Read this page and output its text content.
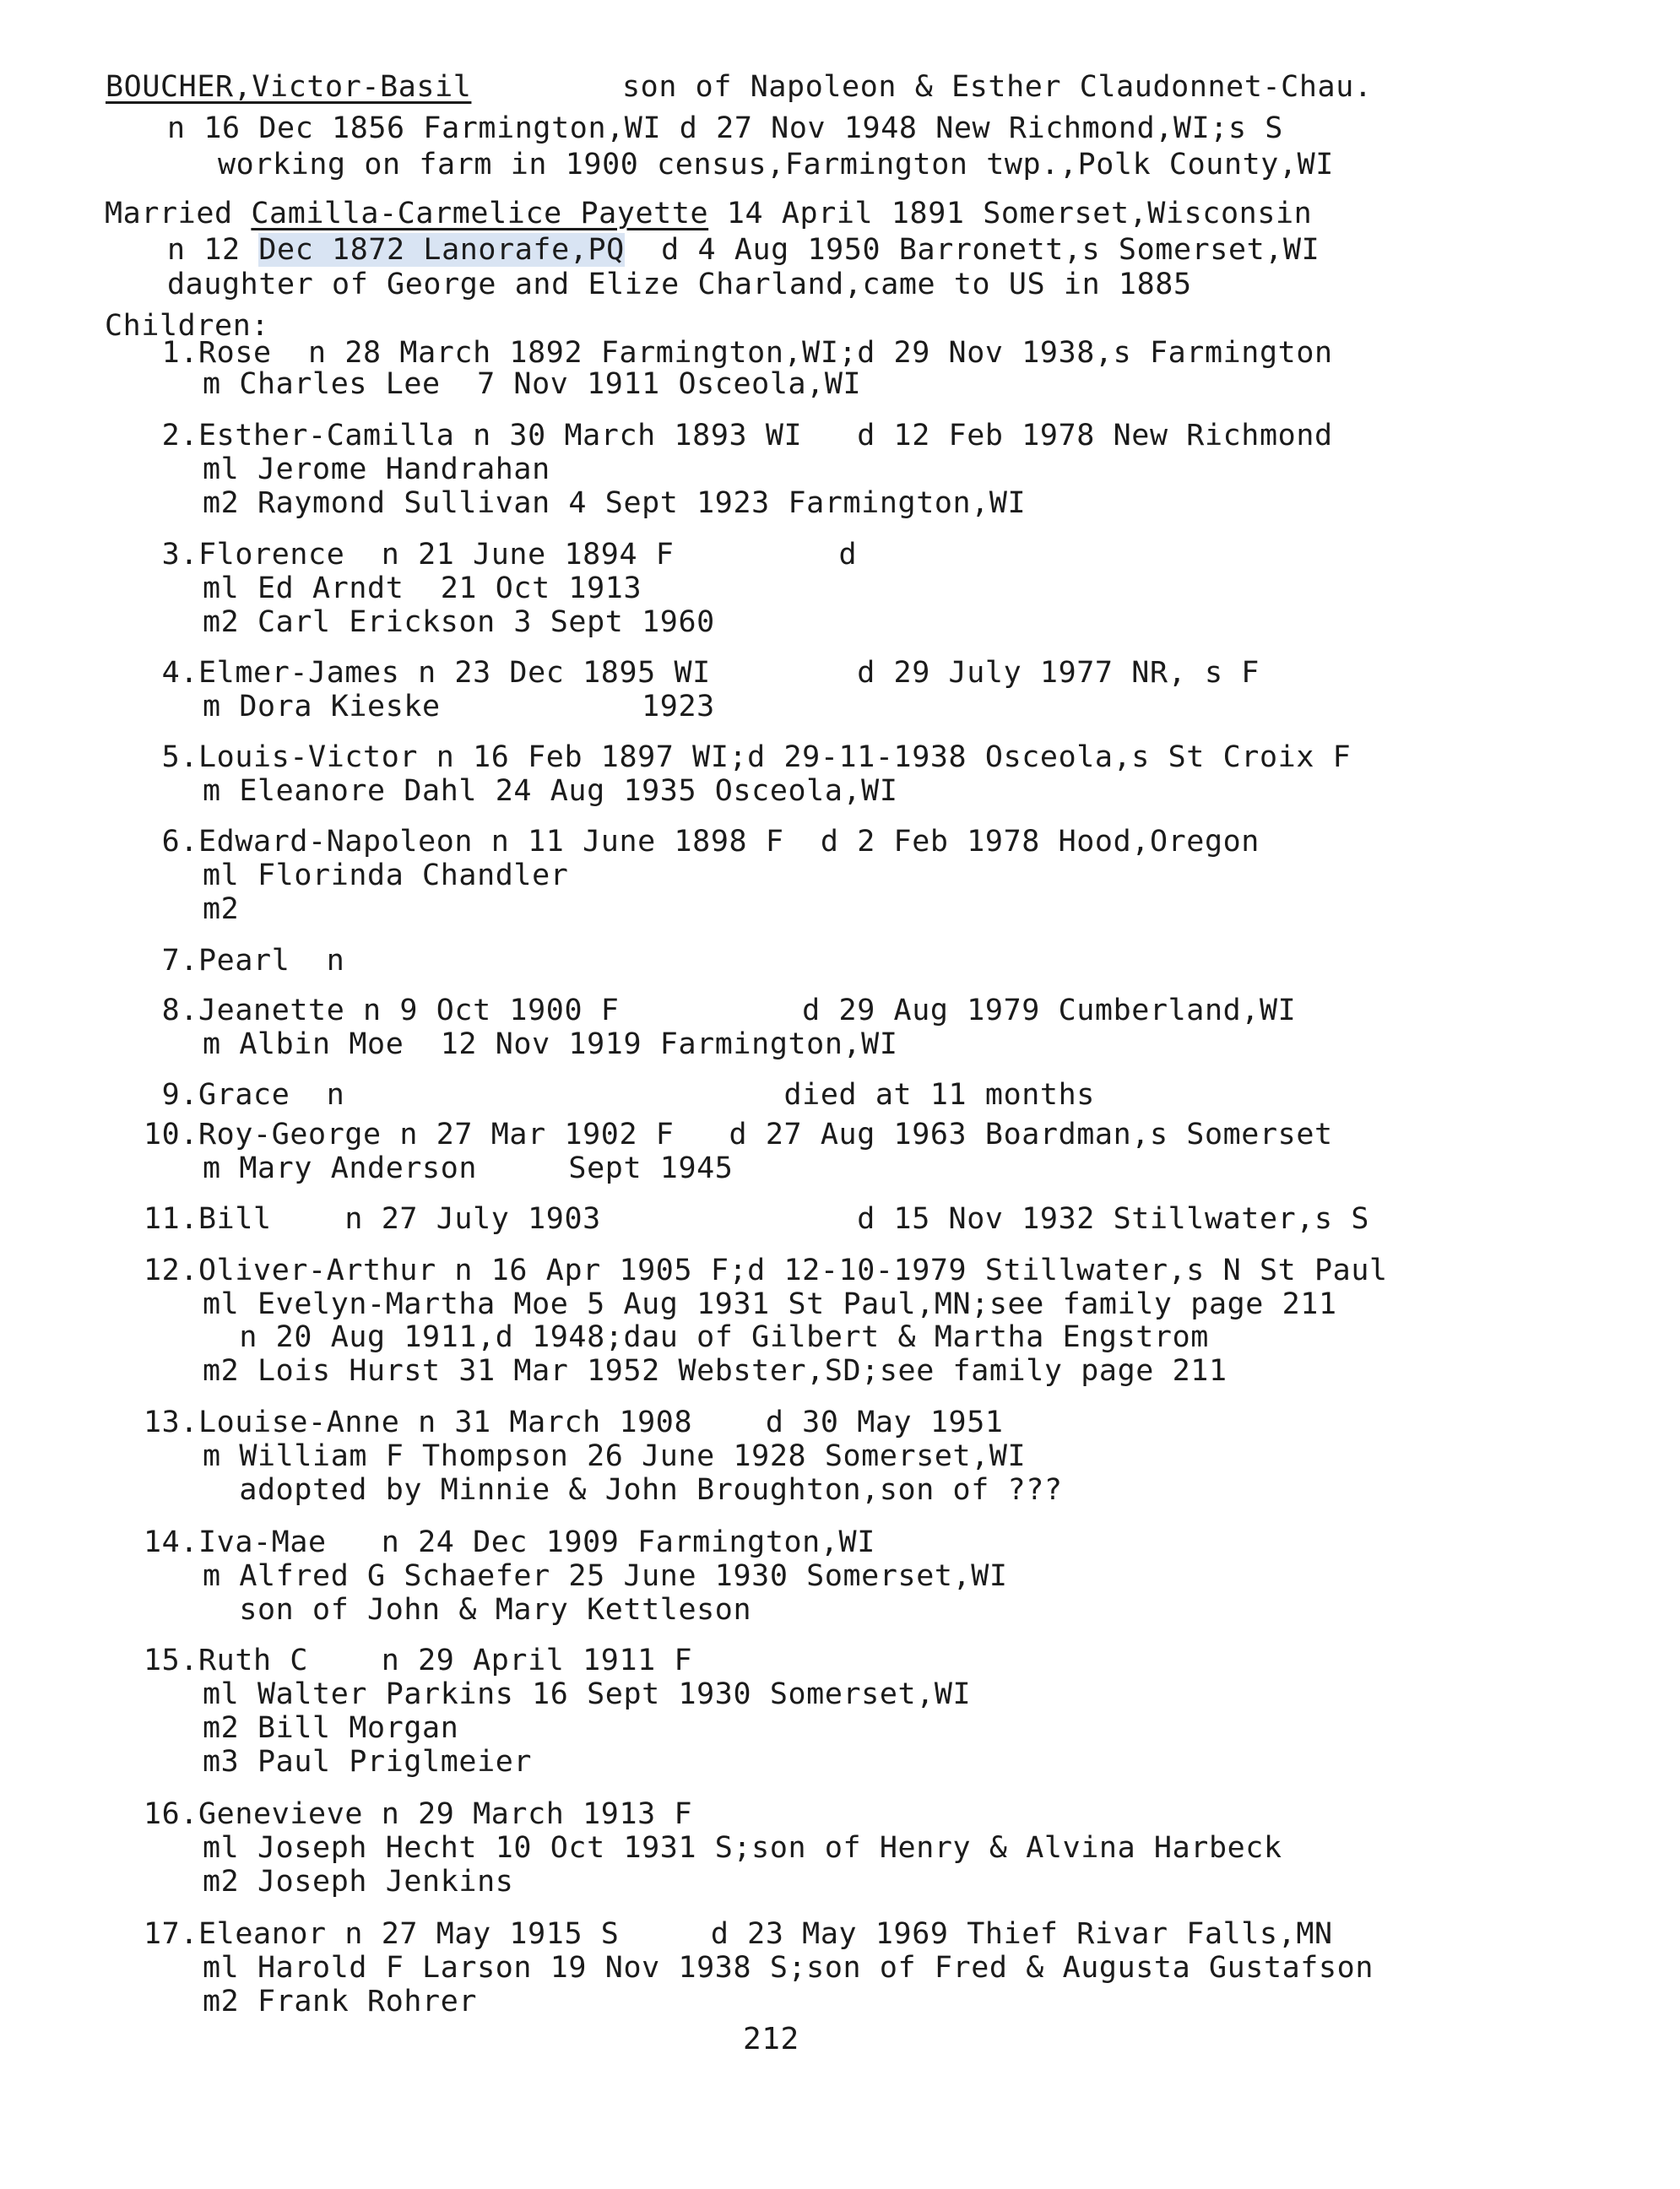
BOUCHER,Victor-Basil	son of Napoleon & Esther Claudonnet-Chau.
n 16 Dec 1856 Farmington,WI d 27 Nov 1948 New Richmond,WI;s S
working on farm in 1900 census,Farmington twp.,Polk County,WI
Married Camilla-Carmelice Payette 14 April 1891 Somerset,Wisconsin
n 12 Dec 1872 Lanorafe,PQ  d 4 Aug 1950 Barronett,s Somerset,WI
daughter of George and Elize Charland,came to US in 1885
Children:
1.Rose  n 28 March 1892 Farmington,WI;d 29 Nov 1938,s Farmington
m Charles Lee  7 Nov 1911 Osceola,WI
2.Esther-Camilla n 30 March 1893 WI   d 12 Feb 1978 New Richmond
ml Jerome Handrahan
m2 Raymond Sullivan 4 Sept 1923 Farmington,WI
3.Florence  n 21 June 1894 F         d
ml Ed Arndt  21 Oct 1913
m2 Carl Erickson 3 Sept 1960
4.Elmer-James n 23 Dec 1895 WI        d 29 July 1977 NR, s F
m Dora Kieske           1923
5.Louis-Victor n 16 Feb 1897 WI;d 29-11-1938 Osceola,s St Croix F
m Eleanore Dahl 24 Aug 1935 Osceola,WI
6.Edward-Napoleon n 11 June 1898 F  d 2 Feb 1978 Hood,Oregon
ml Florinda Chandler
m2
7.Pearl  n
8.Jeanette n 9 Oct 1900 F          d 29 Aug 1979 Cumberland,WI
m Albin Moe  12 Nov 1919 Farmington,WI
9.Grace  n                        died at 11 months
10.Roy-George n 27 Mar 1902 F   d 27 Aug 1963 Boardman,s Somerset
m Mary Anderson     Sept 1945
11.Bill    n 27 July 1903              d 15 Nov 1932 Stillwater,s S
12.Oliver-Arthur n 16 Apr 1905 F;d 12-10-1979 Stillwater,s N St Paul
ml Evelyn-Martha Moe 5 Aug 1931 St Paul,MN;see family page 211
n 20 Aug 1911,d 1948;dau of Gilbert & Martha Engstrom
m2 Lois Hurst 31 Mar 1952 Webster,SD;see family page 211
13.Louise-Anne n 31 March 1908    d 30 May 1951
m William F Thompson 26 June 1928 Somerset,WI
adopted by Minnie & John Broughton,son of ???
14.Iva-Mae   n 24 Dec 1909 Farmington,WI
m Alfred G Schaefer 25 June 1930 Somerset,WI
son of John & Mary Kettleson
15.Ruth C    n 29 April 1911 F
ml Walter Parkins 16 Sept 1930 Somerset,WI
m2 Bill Morgan
m3 Paul Priglmeier
16.Genevieve n 29 March 1913 F
ml Joseph Hecht 10 Oct 1931 S;son of Henry & Alvina Harbeck
m2 Joseph Jenkins
17.Eleanor n 27 May 1915 S     d 23 May 1969 Thief Rivar Falls,MN
ml Harold F Larson 19 Nov 1938 S;son of Fred & Augusta Gustafson
m2 Frank Rohrer
212
